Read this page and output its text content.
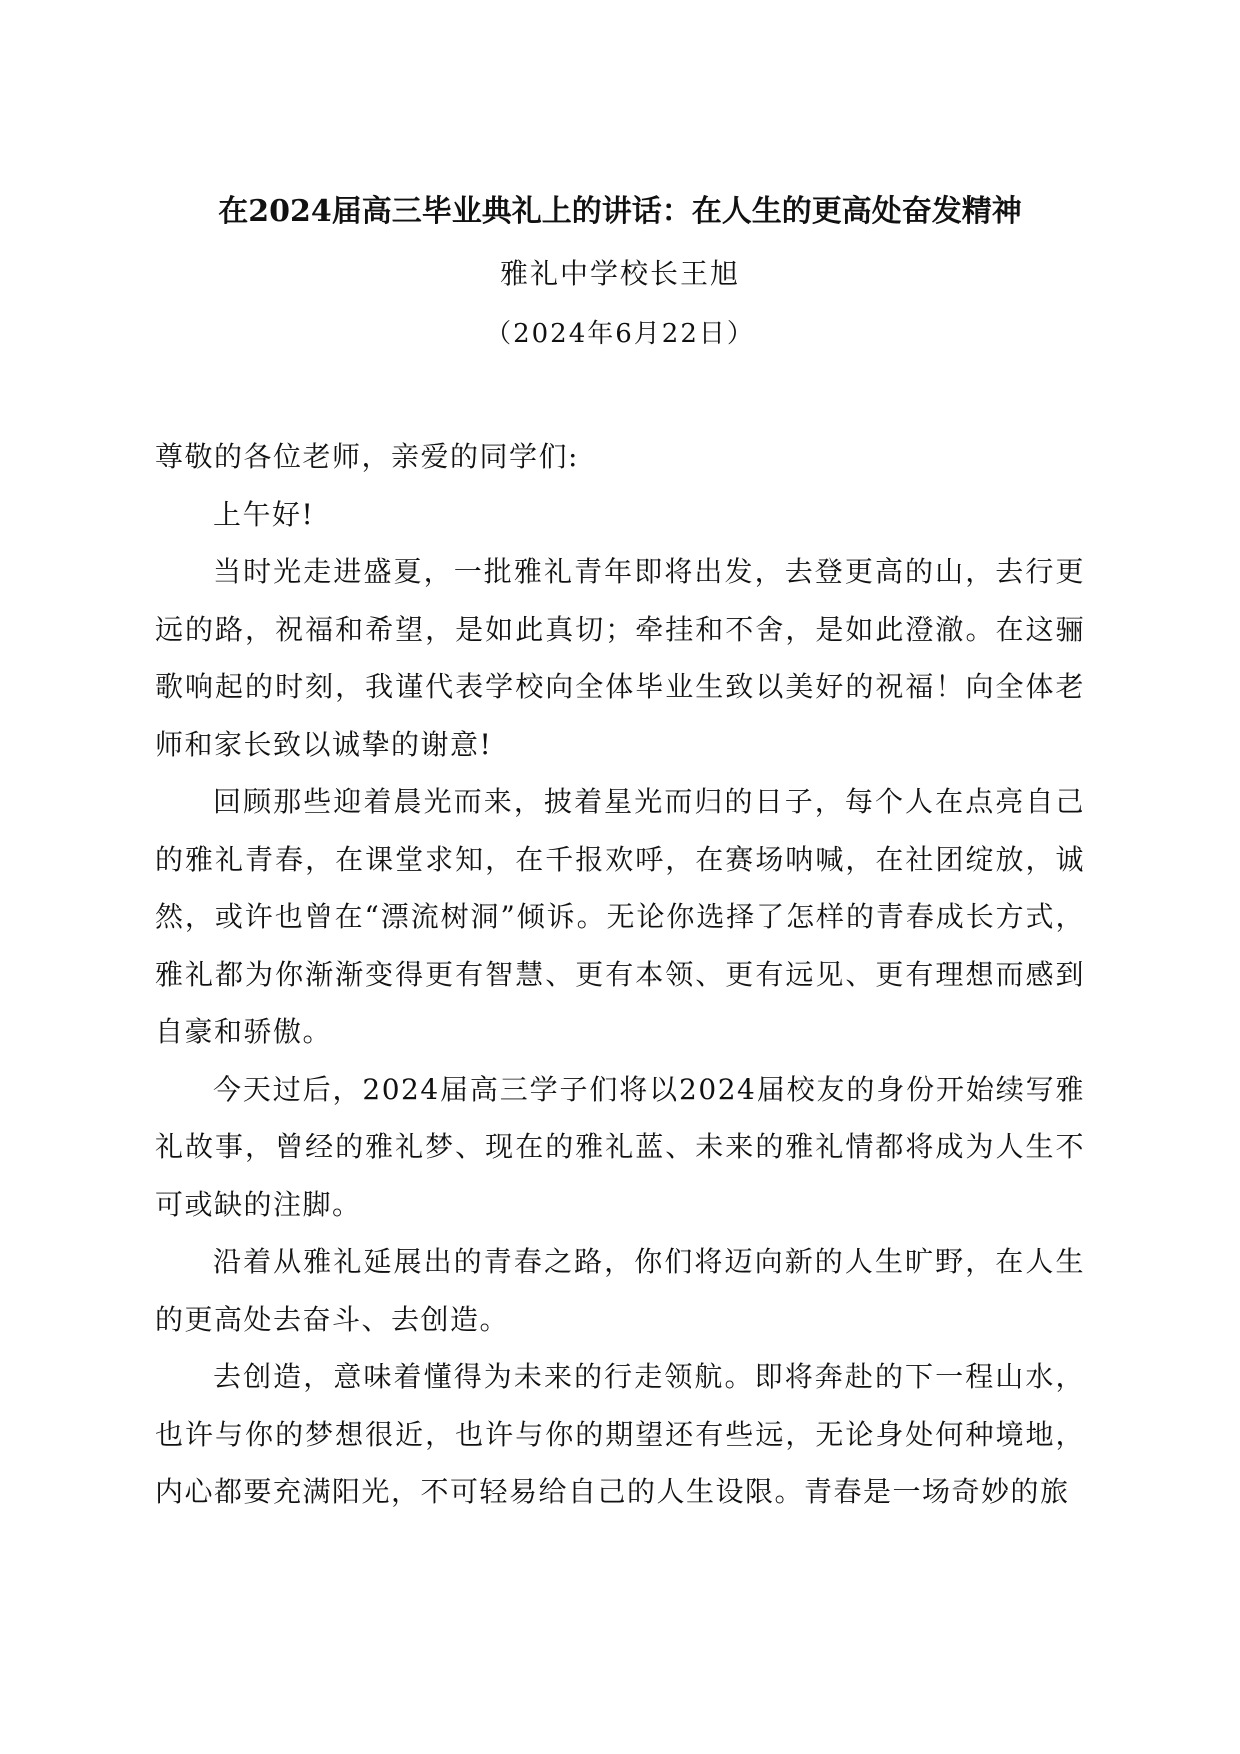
在2024届高三毕业典礼上的讲话：在人生的更高处奋发精神
雅礼中学校长王旭
（2024年6月22日）

尊敬的各位老师，亲爱的同学们:

上午好!

当时光走进盛夏，一批雅礼青年即将出发，去登更高的山，去行更远的路，祝福和希望，是如此真切；牵挂和不舍，是如此澄澈。在这骊歌响起的时刻，我谨代表学校向全体毕业生致以美好的祝福！向全体老师和家长致以诚挚的谢意!

回顾那些迎着晨光而来，披着星光而归的日子，每个人在点亮自己的雅礼青春，在课堂求知，在千报欢呼，在赛场呐喊，在社团绽放，诚然，或许也曾在“漂流树洞”倾诉。无论你选择了怎样的青春成长方式，雅礼都为你渐渐变得更有智慧、更有本领、更有远见、更有理想而感到自豪和骄傲。

今天过后，2024届高三学子们将以2024届校友的身份开始续写雅礼故事，曾经的雅礼梦、现在的雅礼蓝、未来的雅礼情都将成为人生不可或缺的注脚。

沿着从雅礼延展出的青春之路，你们将迈向新的人生旷野，在人生的更高处去奋斗、去创造。

去创造，意味着懂得为未来的行走领航。即将奔赴的下一程山水，也许与你的梦想很近，也许与你的期望还有些远，无论身处何种境地，内心都要充满阳光，不可轻易给自己的人生设限。青春是一场奇妙的旅
